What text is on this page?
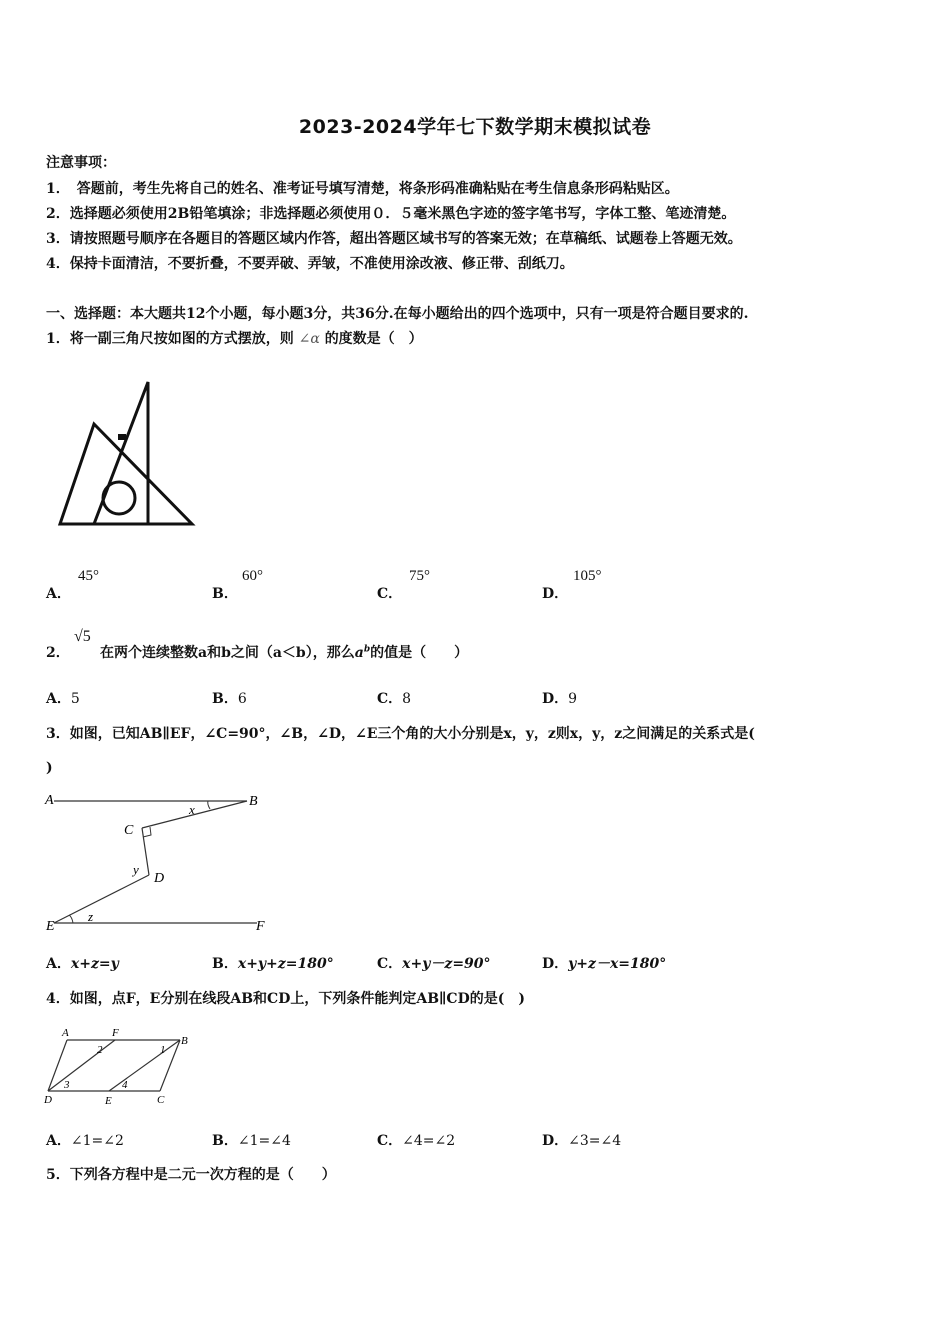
2023-2024学年七下数学期末模拟试卷
注意事项：
1．　答题前，考生先将自己的姓名、准考证号填写清楚，将条形码准确粘贴在考生信息条形码粘贴区。
2．选择题必须使用2B铅笔填涂；非选择题必须使用０．５毫米黑色字迹的签字笔书写，字体工整、笔迹清楚。
3．请按照题号顺序在各题目的答题区域内作答，超出答题区域书写的答案无效；在草稿纸、试题卷上答题无效。
4．保持卡面清洁，不要折叠，不要弄破、弄皱，不准使用涂改液、修正带、刮纸刀。
一、选择题：本大题共12个小题，每小题3分，共36分.在每小题给出的四个选项中，只有一项是符合题目要求的.
1．将一副三角尺按如图的方式摆放，则 ∠α 的度数是（　）
A．
45°
B．
60°
C．
75°
D．
105°
2．
√5
在两个连续整数a和b之间（a＜b），那么$a^b$的值是（　　）
A．5	B．6	C．8	D．9
3．如图，已知AB∥EF，∠C=90°，∠B，∠D，∠E三个角的大小分别是x，y，z则x，y，z之间满足的关系式是(
)
A	B
C
D
E	F
x
y
z
A．x+z=y	B．x+y+z=180°	C．x+y－z=90°	D．y+z－x=180°
4．如图，点F，E分别在线段AB和CD上，下列条件能判定AB∥CD的是(　)
A	F
B
D	E	C
1
2
3	4
A．∠1=∠2	B．∠1=∠4	C．∠4=∠2	D．∠3=∠4
5．下列各方程中是二元一次方程的是（　　）
